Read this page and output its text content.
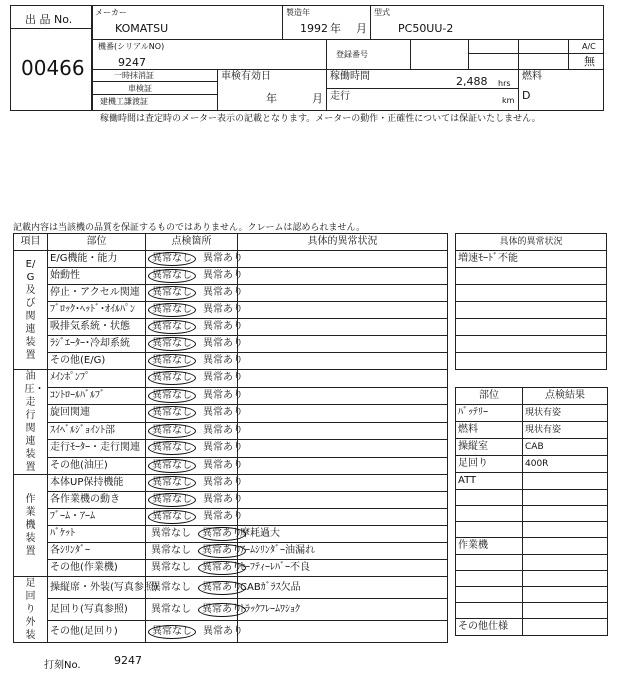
出 品 No.
00466
メーカー
KOMATSU
製造年
1992 年 月
型式
PC50UU-2
機番(シリアルNO)
9247
登録番号
A/C
無
一時抹消証
車検証
建機工謙渡証
車検有効日
年	月
稼働時間	2,488 hrs
走行	km
燃料
D
稼働時間は査定時のメーター表示の記載となります。メーターの動作・正確性については保証いたしません。
記載内容は当該機の品質を保証するものではありません。クレームは認められません。
項目	部位	点検箇所	具体的異常状況

E/G及び関連装置	E/G機能・能力	異常なし 異常あり	
	始動性	異常なし 異常あり	
	停止・アクセル関連	異常なし 異常あり	
	ﾌﾞﾛｯｸ･ﾍｯﾄﾞ･ｵｲﾙﾊﾟﾝ	異常なし 異常あり	
	吸排気系統・状態	異常なし 異常あり	
	ﾗｼﾞｴｰﾀｰ･冷却系統	異常なし 異常あり	
	その他(E/G)	異常なし 異常あり	

油圧・走行関連装置	ﾒｲﾝﾎﾟﾝﾌﾟ	異常なし 異常あり	
	ｺﾝﾄﾛｰﾙﾊﾞﾙﾌﾞ	異常なし 異常あり	
	旋回関連	異常なし 異常あり	
	ｽｲﾍﾞﾙｼﾞｮｲﾝﾄ部	異常なし 異常あり	
	走行ﾓｰﾀｰ・走行関連	異常なし 異常あり	
	その他(油圧)	異常なし 異常あり	

作業機装置	本体UP保持機能	異常なし 異常あり	
	各作業機の動き	異常なし 異常あり	
	ﾌﾞｰﾑ・ｱｰﾑ	異常なし 異常あり	
	ﾊﾞｹｯﾄ	異常なし 異常あり	摩耗過大
	各ｼﾘﾝﾀﾞｰ	異常なし 異常あり	ｱｰﾑｼﾘﾝﾀﾞｰ油漏れ
	その他(作業機)	異常なし 異常あり	ｾｰﾌﾃｨｰﾚﾊﾞｰ不良

足回り外装	操縦席・外装(写真参照)	異常なし 異常あり	CABｶﾞﾗｽ欠品
	足回り(写真参照)	異常なし 異常あり	ﾄﾗｯｸﾌﾚｰﾑﾜｼｮｸ
	その他(足回り)	異常なし 異常あり	
具体的異常状況
増速ﾓｰﾄﾞ不能

部位	点検結果
ﾊﾞｯﾃﾘｰ	現状有姿
燃料	現状有姿
操縦室	CAB
足回り	400R
ATT	

作業機	

その他仕様	
打刻No.	9247
